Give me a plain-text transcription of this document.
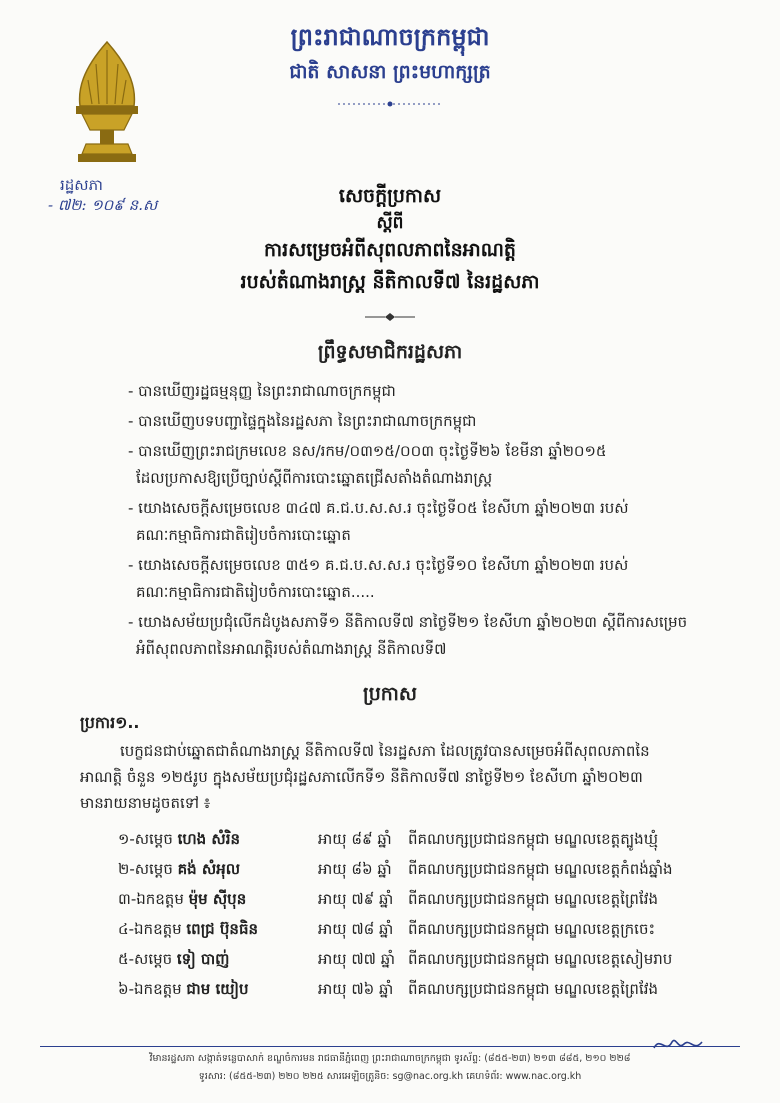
ព្រះរាជាណាចក្រកម្ពុជា
ជាតិ សាសនា ព្រះមហាក្សត្រ
រដ្ឋសភា
- ៧២: ១០៩ ន.ស	សេចក្តីប្រកាស
ស្តីពី
ការសម្រេចអំពីសុពលភាពនៃអាណត្តិ
របស់តំណាងរាស្ត្រ នីតិកាលទី៧ នៃរដ្ឋសភា
ព្រឹទ្ធសមាជិករដ្ឋសភា
- បានឃើញរដ្ឋធម្មនុញ្ញ នៃព្រះរាជាណាចក្រកម្ពុជា
- បានឃើញបទបញ្ជាផ្ទៃក្នុងនៃរដ្ឋសភា នៃព្រះរាជាណាចក្រកម្ពុជា
- បានឃើញព្រះរាជក្រមលេខ នស/រកម/០៣១៥/០០៣ ចុះថ្ងៃទី២៦ ខែមីនា ឆ្នាំ២០១៥
ដែលប្រកាសឱ្យប្រើច្បាប់ស្តីពីការបោះឆ្នោតជ្រើសតាំងតំណាងរាស្ត្រ
- យោងសេចក្តីសម្រេចលេខ ៣៤៧ គ.ជ.ប.ស.ស.រ ចុះថ្ងៃទី០៥ ខែសីហា ឆ្នាំ២០២៣ របស់
គណៈកម្មាធិការជាតិរៀបចំការបោះឆ្នោត
- យោងសេចក្តីសម្រេចលេខ ៣៥១ គ.ជ.ប.ស.ស.រ ចុះថ្ងៃទី១០ ខែសីហា ឆ្នាំ២០២៣ របស់
គណៈកម្មាធិការជាតិរៀបចំការបោះឆ្នោត.....
- យោងសម័យប្រជុំលើកដំបូងសភាទី១ នីតិកាលទី៧ នាថ្ងៃទី២១ ខែសីហា ឆ្នាំ២០២៣ ស្តីពីការសម្រេច
អំពីសុពលភាពនៃអាណត្តិរបស់តំណាងរាស្ត្រ នីតិកាលទី៧
ប្រកាស
ប្រការ១..

បេក្ខជនជាប់ឆ្នោតជាតំណាងរាស្ត្រ នីតិកាលទី៧ នៃរដ្ឋសភា ដែលត្រូវបានសម្រេចអំពីសុពលភាពនៃ
អាណត្តិ ចំនួន ១២៥រូប ក្នុងសម័យប្រជុំរដ្ឋសភាលើកទី១ នីតិកាលទី៧ នាថ្ងៃទី២១ ខែសីហា ឆ្នាំ២០២៣
មានរាយនាមដូចតទៅ ៖

១-សម្តេច ហេង សំរិន	អាយុ ៨៩ ឆ្នាំ	ពីគណបក្សប្រជាជនកម្ពុជា មណ្ឌលខេត្តត្បូងឃ្មុំ
២-សម្តេច គង់ សំអុល	អាយុ ៨៦ ឆ្នាំ	ពីគណបក្សប្រជាជនកម្ពុជា មណ្ឌលខេត្តកំពង់ឆ្នាំង
៣-ឯកឧត្តម ម៉ុម ស៊ីបុន	អាយុ ៧៩ ឆ្នាំ ពីគណបក្សប្រជាជនកម្ពុជា មណ្ឌលខេត្តព្រៃវែង
៤-ឯកឧត្តម ពេជ្រ ប៊ុនធិន	អាយុ ៧៨ ឆ្នាំ ពីគណបក្សប្រជាជនកម្ពុជា មណ្ឌលខេត្តក្រចេះ
៥-សម្តេច ទៀ បាញ់	អាយុ ៧៧ ឆ្នាំ ពីគណបក្សប្រជាជនកម្ពុជា មណ្ឌលខេត្តសៀមរាប
៦-ឯកឧត្តម ជាម យៀប	អាយុ ៧៦ ឆ្នាំ ពីគណបក្សប្រជាជនកម្ពុជា មណ្ឌលខេត្តព្រៃវែង
វិមានរដ្ឋសភា សង្កាត់ទន្លេបាសាក់ ខណ្ឌចំការមន រាជធានីភ្នំពេញ ព្រះរាជាណាចក្រកម្ពុជា ទូរស័ព្ទ: (៨៥៥-២៣) ២១៣ ៨៨៥, ២១០ ២២៨
ទូរសារ: (៨៥៥-២៣) ២២០ ២២៥ សារអេឡិចត្រូនិច: sg@nac.org.kh គេហទំព័រ: www.nac.org.kh
